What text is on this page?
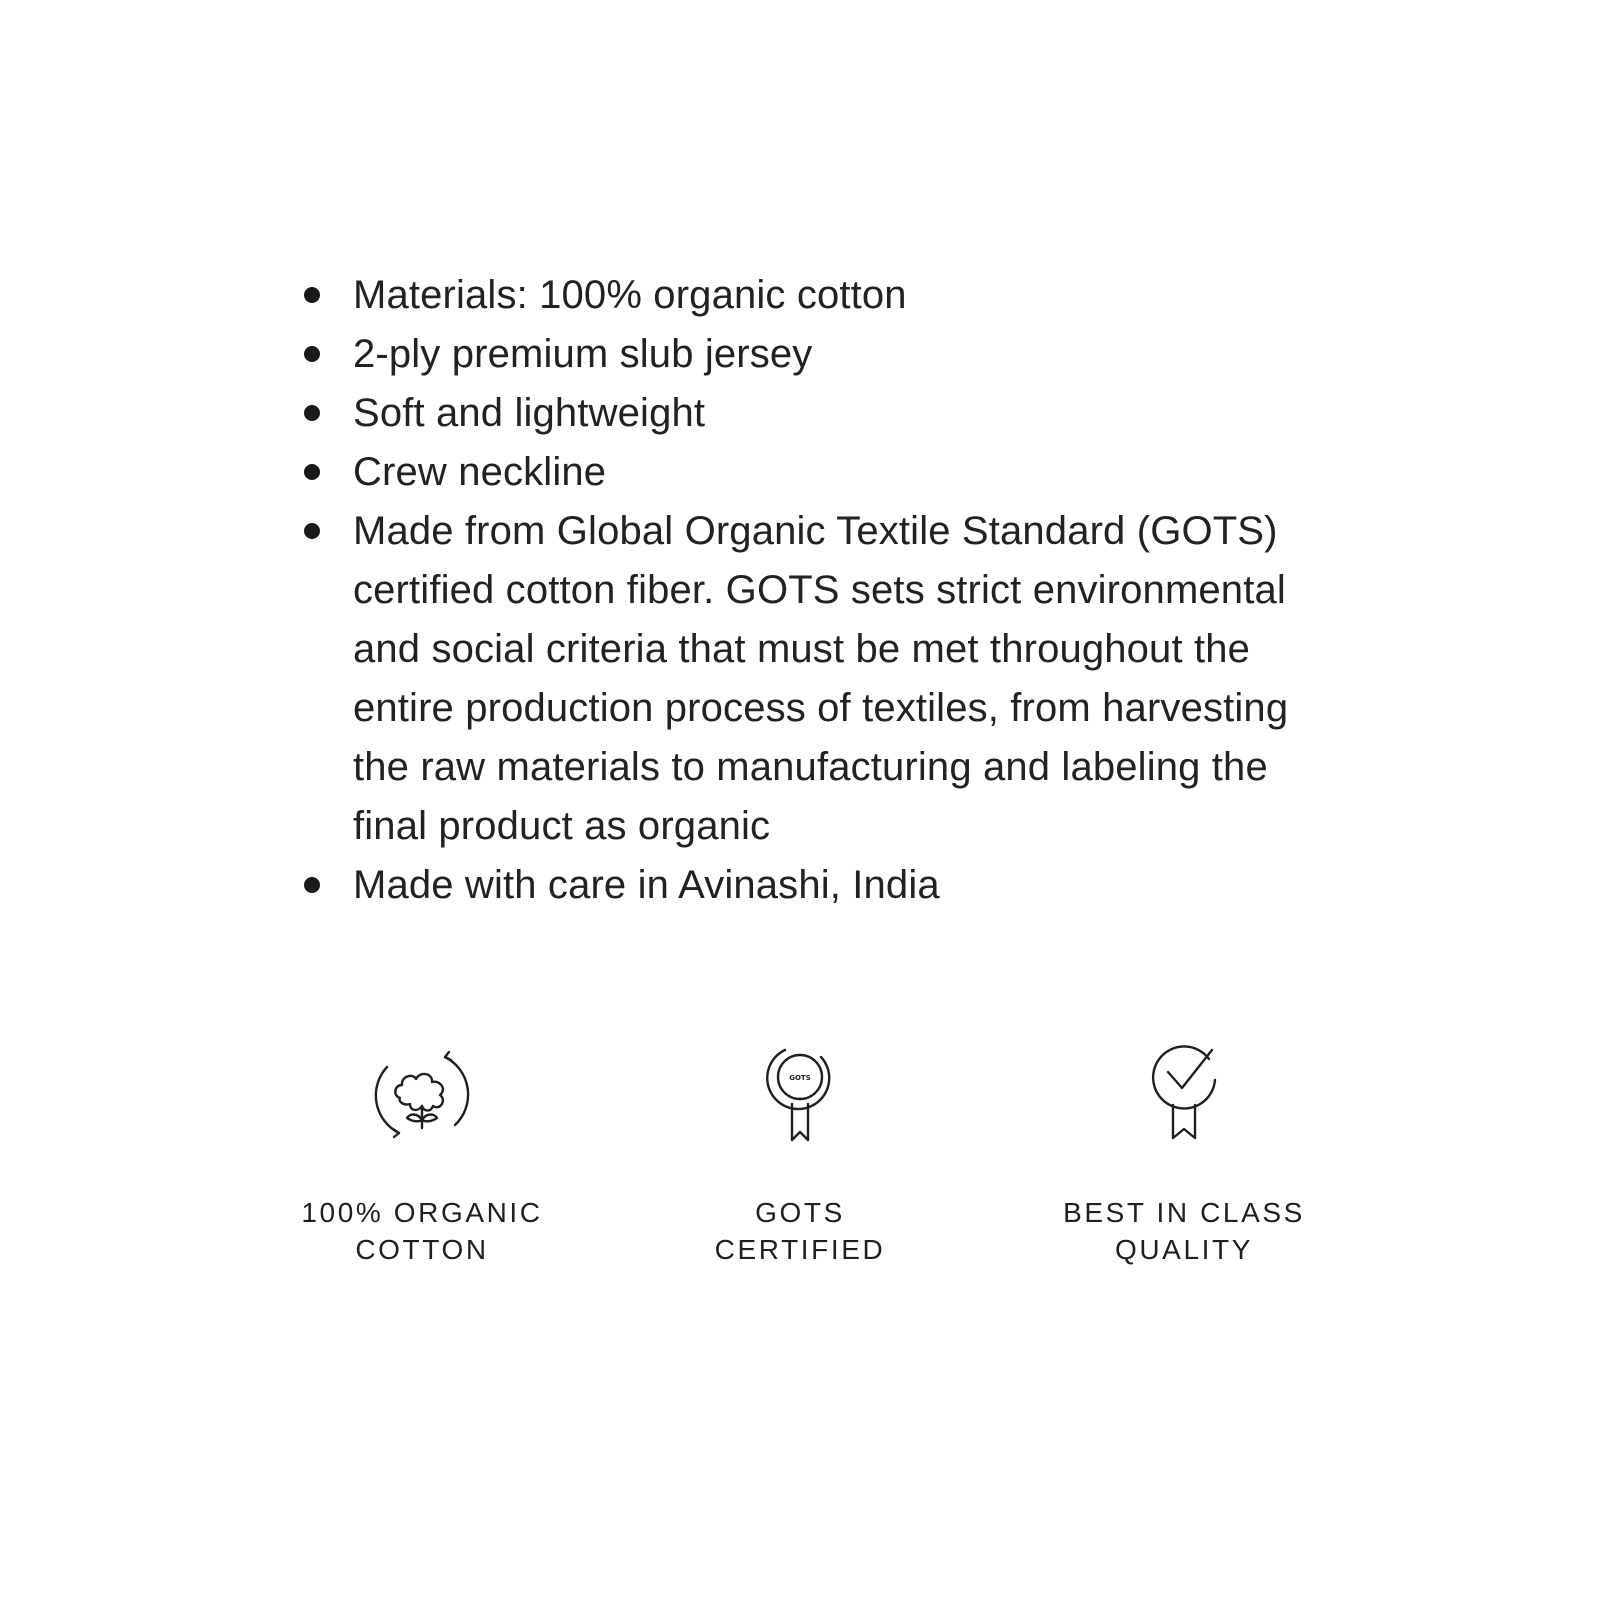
Materials: 100% organic cotton
2-ply premium slub jersey
Soft and lightweight
Crew neckline
Made from Global Organic Textile Standard (GOTS) certified cotton fiber. GOTS sets strict environmental and social criteria that must be met throughout the entire production process of textiles, from harvesting the raw materials to manufacturing and labeling the final product as organic
Made with care in Avinashi, India
100% ORGANIC
COTTON
GOTS
GOTS
CERTIFIED
BEST IN CLASS
QUALITY
